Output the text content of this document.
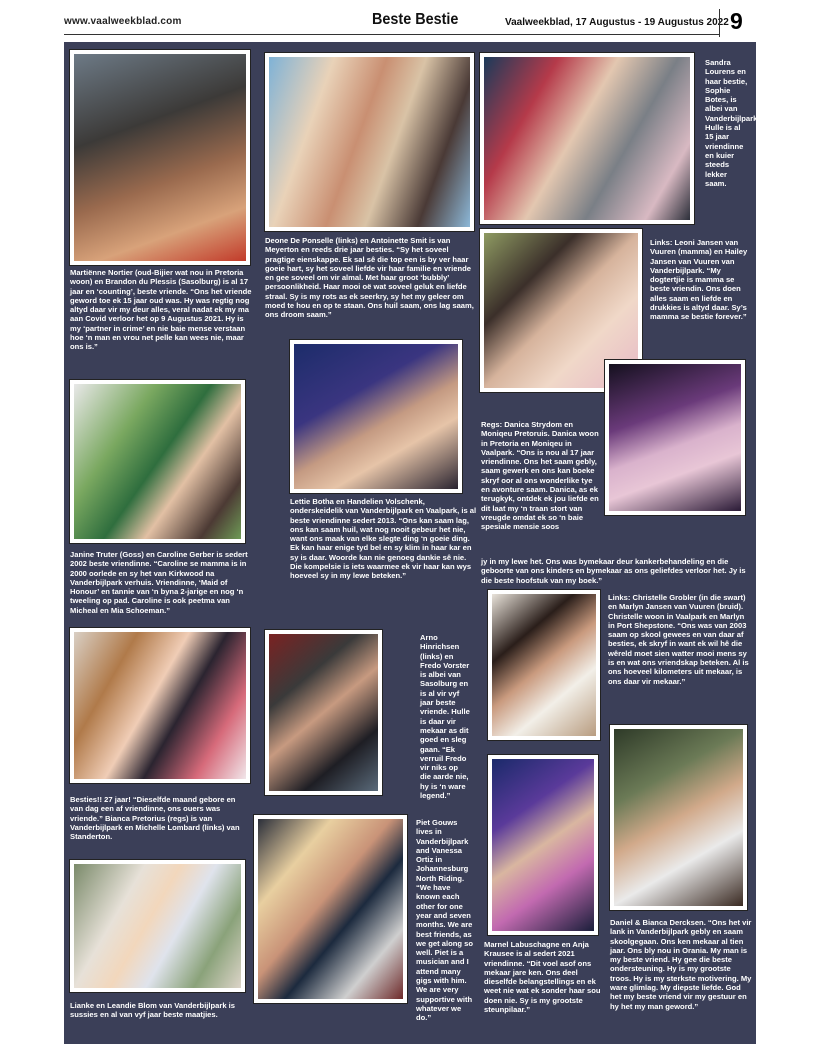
www.vaalweekblad.com	Beste Bestie	Vaalweekblad, 17 Augustus - 19 Augustus 2022 9

Martiënne Nortier (oud-Bijier wat nou in Pretoria woon) en Brandon du Plessis (Sasolburg) is al 17 jaar en ‘counting’, beste vriende. “Ons het vriende geword toe ek 15 jaar oud was. Hy was regtig nog altyd daar vir my deur alles, veral nadat ek my ma aan Covid verloor het op 9 Augustus 2021. Hy is my ‘partner in crime’ en nie baie mense verstaan hoe ‘n man en vrou net pelle kan wees nie, maar ons is.”

Deone De Ponselle (links) en Antoinette Smit is van Meyerton en reeds drie jaar besties. “Sy het soveel pragtige eienskappe. Ek sal sê die top een is by ver haar goeie hart, sy het soveel liefde vir haar familie en vriende en gee soveel om vir almal. Met haar groot ‘bubbly’ persoonlikheid. Haar mooi oë wat soveel geluk en liefde straal. Sy is my rots as ek seerkry, sy het my geleer om moed te hou en op te staan. Ons huil saam, ons lag saam, ons droom saam.”

Sandra Lourens en haar bestie, Sophie Botes, is albei van Vanderbijlpark. Hulle is al 15 jaar vriendinne en kuier steeds lekker saam.

Links: Leoni Jansen van Vuuren (mamma) en Hailey Jansen van Vuuren van Vanderbijlpark. “My dogtertjie is mamma se beste vriendin. Ons doen alles saam en liefde en drukkies is altyd daar. Sy’s mamma se bestie forever.”

Janine Truter (Goss) en Caroline Gerber is sedert 2002 beste vriendinne. “Caroline se mamma is in 2000 oorlede en sy het van Kirkwood na Vanderbijlpark verhuis. Vriendinne, ‘Maid of Honour’ en tannie van ‘n byna 2-jarige en nog ‘n tweeling op pad. Caroline is ook peetma van Micheal en Mia Schoeman.”

Lettie Botha en Handelien Volschenk, onderskeidelik van Vanderbijlpark en Vaalpark, is al beste vriendinne sedert 2013. “Ons kan saam lag, ons kan saam huil, wat nog nooit gebeur het nie, want ons maak van elke slegte ding ‘n goeie ding. Ek kan haar enige tyd bel en sy klim in haar kar en sy is daar. Woorde kan nie genoeg dankie sê nie. Die kompelsie is iets waarmee ek vir haar kan wys hoeveel sy in my lewe beteken.”

Regs: Danica Strydom en Moniqeu Pretoruis. Danica woon in Pretoria en Moniqeu in Vaalpark. “Ons is nou al 17 jaar vriendinne. Ons het saam gebly, saam gewerk en ons kan boeke skryf oor al ons wonderlike tye en avonture saam. Danica, as ek terugkyk, ontdek ek jou liefde en dit laat my ‘n traan stort van vreugde omdat ek so ‘n baie spesiale mensie soos

jy in my lewe het. Ons was bymekaar deur kankerbehandeling en die geboorte van ons kinders en bymekaar as ons geliefdes verloor het. Jy is die beste hoofstuk van my boek.”

Links: Christelle Grobler (in die swart) en Marlyn Jansen van Vuuren (bruid). Christelle woon in Vaalpark en Marlyn in Port Shepstone. “Ons was van 2003 saam op skool gewees en van daar af besties, ek skryf in want ek wil hê die wêreld moet sien watter mooi mens sy is en wat ons vriendskap beteken. Al is ons hoeveel kilometers uit mekaar, is ons daar vir mekaar.”

Arno Hinrichsen (links) en Fredo Vorster is albei van Sasolburg en is al vir vyf jaar beste vriende. Hulle is daar vir mekaar as dit goed en sleg gaan. “Ek verruil Fredo vir niks op die aarde nie, hy is ‘n ware legend.”

Besties!! 27 jaar! “Dieselfde maand gebore en van dag een af vriendinne, ons ouers was vriende.” Bianca Pretorius (regs) is van Vanderbijlpark en Michelle Lombard (links) van Standerton.

Piet Gouws lives in Vanderbijlpark and Vanessa Ortiz in Johannesburg North Riding. “We have known each other for one year and seven months. We are best friends, as we get along so well. Piet is a musician and I attend many gigs with him. We are very supportive with whatever we do.”

Marnel Labuschagne en Anja Krausee is al sedert 2021 vriendinne. “Dit voel asof ons mekaar jare ken. Ons deel dieselfde belangstellings en ek weet nie wat ek sonder haar sou doen nie. Sy is my grootste steunpilaar.”

Daniel & Bianca Dercksen. “Ons het vir lank in Vanderbijlpark gebly en saam skoolgegaan. Ons ken mekaar al tien jaar. Ons bly nou in Orania. My man is my beste vriend. Hy gee die beste ondersteuning. Hy is my grootste troos. Hy is my sterkste motivering. My ware glimlag. My diepste liefde. God het my beste vriend vir my gestuur en hy het my man geword.”

Lianke en Leandie Blom van Vanderbijlpark is sussies en al van vyf jaar beste maatjies.
